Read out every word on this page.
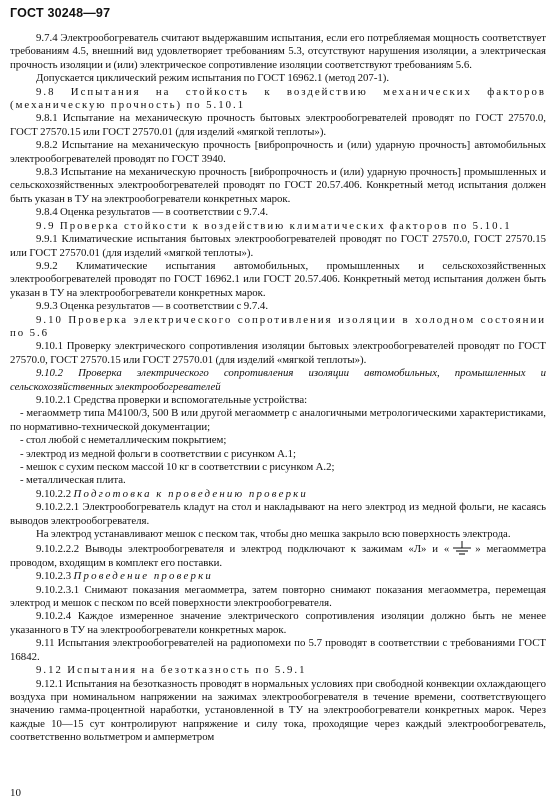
ГОСТ 30248—97

9.7.4 Электрообогреватель считают выдержавшим испытания, если его потребляемая мощность соответствует требованиям 4.5, внешний вид удовлетворяет требованиям 5.3, отсутствуют нарушения изоляции, а электрическая прочность изоляции и (или) электрическое сопротивление изоляции соответствуют требованиям 5.6.

Допускается циклический режим испытания по ГОСТ 16962.1 (метод 207-1).

9.8 Испытания на стойкость к воздействию механических факторов (механическую прочность) по 5.10.1

9.8.1 Испытание на механическую прочность бытовых электрообогревателей проводят по ГОСТ 27570.0, ГОСТ 27570.15 или ГОСТ 27570.01 (для изделий «мягкой теплоты»).

9.8.2 Испытание на механическую прочность [вибропрочность и (или) ударную прочность] автомобильных электрообогревателей проводят по ГОСТ 3940.

9.8.3 Испытание на механическую прочность [вибропрочность и (или) ударную прочность] промышленных и сельскохозяйственных электрообогревателей проводят по ГОСТ 20.57.406. Конкретный метод испытания должен быть указан в ТУ на электрообогреватели конкретных марок.

9.8.4 Оценка результатов — в соответствии с 9.7.4.

9.9 Проверка стойкости к воздействию климатических факторов по 5.10.1

9.9.1 Климатические испытания бытовых электрообогревателей проводят по ГОСТ 27570.0, ГОСТ 27570.15 или ГОСТ 27570.01 (для изделий «мягкой теплоты»).

9.9.2 Климатические испытания автомобильных, промышленных и сельскохозяйственных электрообогревателей проводят по ГОСТ 16962.1 или ГОСТ 20.57.406. Конкретный метод испытания должен быть указан в ТУ на электрообогреватели конкретных марок.

9.9.3 Оценка результатов — в соответствии с 9.7.4.

9.10 Проверка электрического сопротивления изоляции в холодном состоянии по 5.6

9.10.1 Проверку электрического сопротивления изоляции бытовых электрообогревателей проводят по ГОСТ 27570.0, ГОСТ 27570.15 или ГОСТ 27570.01 (для изделий «мягкой теплоты»).

9.10.2 Проверка электрического сопротивления изоляции автомобильных, промышленных и сельскохозяйственных электрообогревателей

9.10.2.1 Средства проверки и вспомогательные устройства:

- мегаомметр типа М4100/3, 500 В или другой мегаомметр с аналогичными метрологическими характеристиками, по нормативно-технической документации;

- стол любой с неметаллическим покрытием;

- электрод из медной фольги в соответствии с рисунком А.1;

- мешок с сухим песком массой 10 кг в соответствии с рисунком А.2;

- металлическая плита.

9.10.2.2 Подготовка к проведению проверки

9.10.2.2.1 Электрообогреватель кладут на стол и накладывают на него электрод из медной фольги, не касаясь выводов электрообогревателя.

На электрод устанавливают мешок с песком так, чтобы дно мешка закрыло всю поверхность электрода.

9.10.2.2.2 Выводы электрообогревателя и электрод подключают к зажимам «Л» и « » мегаомметра проводом, входящим в комплект его поставки.

9.10.2.3 Проведение проверки

9.10.2.3.1 Снимают показания мегаомметра, затем повторно снимают показания мегаомметра, перемещая электрод и мешок с песком по всей поверхности электрообогревателя.

9.10.2.4 Каждое измеренное значение электрического сопротивления изоляции должно быть не менее указанного в ТУ на электрообогреватели конкретных марок.

9.11 Испытания электрообогревателей на радиопомехи по 5.7 проводят в соответствии с требованиями ГОСТ 16842.

9.12 Испытания на безотказность по 5.9.1

9.12.1 Испытания на безотказность проводят в нормальных условиях при свободной конвекции охлаждающего воздуха при номинальном напряжении на зажимах электрообогревателя в течение времени, соответствующего значению гамма-процентной наработки, установленной в ТУ на электрообогреватели конкретных марок. Через каждые 10—15 сут контролируют напряжение и силу тока, проходящие через каждый электрообогреватель, соответственно вольтметром и амперметром

10
